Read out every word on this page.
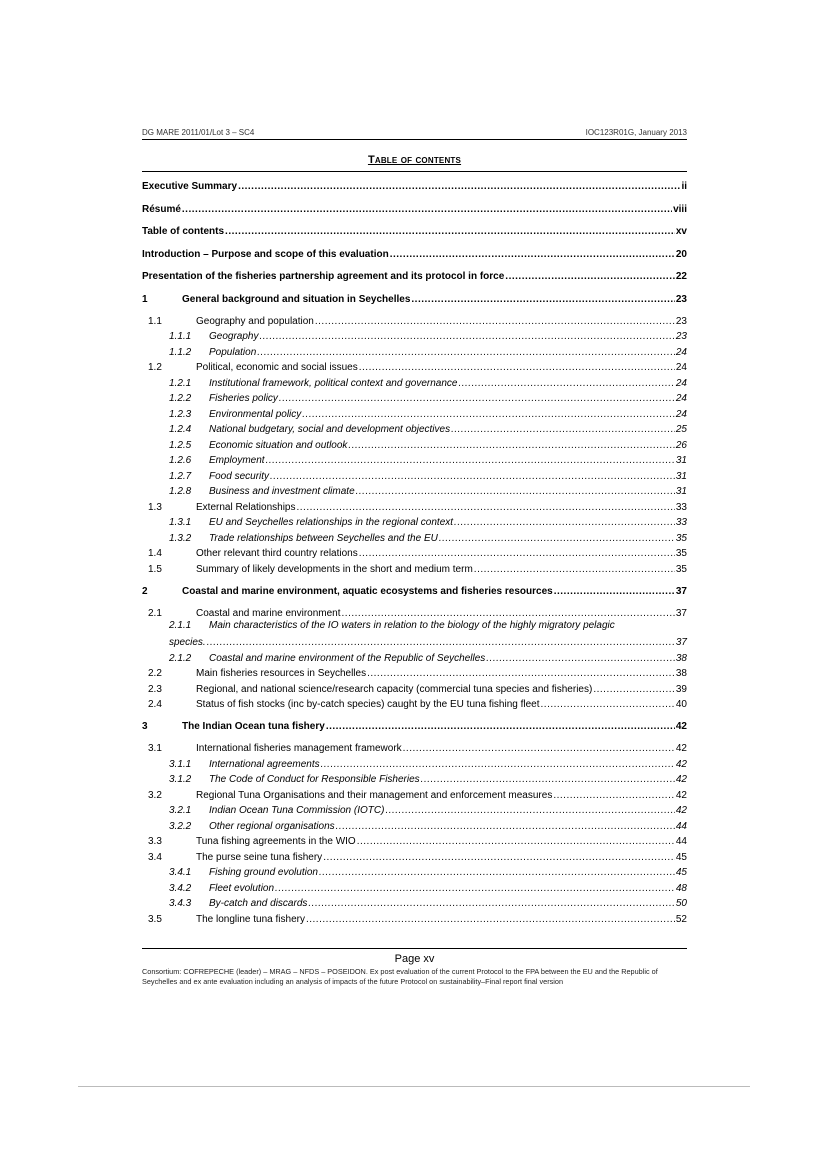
DG MARE 2011/01/Lot 3 – SC4	IOC123R01G, January 2013
Table of contents
Executive Summary .....	ii
Résumé .....	viii
Table of contents .....	xv
Introduction – Purpose and scope of this evaluation .....	20
Presentation of the fisheries partnership agreement and its protocol in force .....	22
1	General background and situation in Seychelles .....	23
1.1	Geography and population .....	23
1.1.1	Geography .....	23
1.1.2	Population .....	24
1.2	Political, economic and social issues .....	24
1.2.1	Institutional framework, political context and governance .....	24
1.2.2	Fisheries policy .....	24
1.2.3	Environmental policy .....	24
1.2.4	National budgetary, social and development objectives .....	25
1.2.5	Economic situation and outlook .....	26
1.2.6	Employment .....	31
1.2.7	Food security .....	31
1.2.8	Business and investment climate .....	31
1.3	External Relationships .....	33
1.3.1	EU and Seychelles relationships in the regional context .....	33
1.3.2	Trade relationships between Seychelles and the EU .....	35
1.4	Other relevant third country relations .....	35
1.5	Summary of likely developments in the short and medium term .....	35
2	Coastal and marine environment, aquatic ecosystems and fisheries resources .....	37
2.1	Coastal and marine environment .....	37
2.1.1 Main characteristics of the IO waters in relation to the biology of the highly migratory pelagic
species. .....	37
2.1.2	Coastal and marine environment of the Republic of Seychelles .....	38
2.2	Main fisheries resources in Seychelles .....	38
2.3	Regional, and national science/research capacity (commercial tuna species and fisheries) .....	39
2.4	Status of fish stocks (inc by-catch species) caught by the EU tuna fishing fleet .....	40
3	The Indian Ocean tuna fishery .....	42
3.1	International fisheries management framework .....	42
3.1.1	International agreements .....	42
3.1.2	The Code of Conduct for Responsible Fisheries .....	42
3.2	Regional Tuna Organisations and their management and enforcement measures .....	42
3.2.1	Indian Ocean Tuna Commission (IOTC) .....	42
3.2.2	Other regional organisations .....	44
3.3	Tuna fishing agreements in the WIO .....	44
3.4	The purse seine tuna fishery .....	45
3.4.1	Fishing ground evolution .....	45
3.4.2	Fleet evolution .....	48
3.4.3	By-catch and discards .....	50
3.5	The longline tuna fishery .....	52
Page xv
Consortium: COFREPECHE (leader) – MRAG – NFDS – POSEIDON. Ex post evaluation of the current Protocol to the FPA between the EU and the Republic of Seychelles and ex ante evaluation including an analysis of impacts of the future Protocol on sustainability–Final report final version
